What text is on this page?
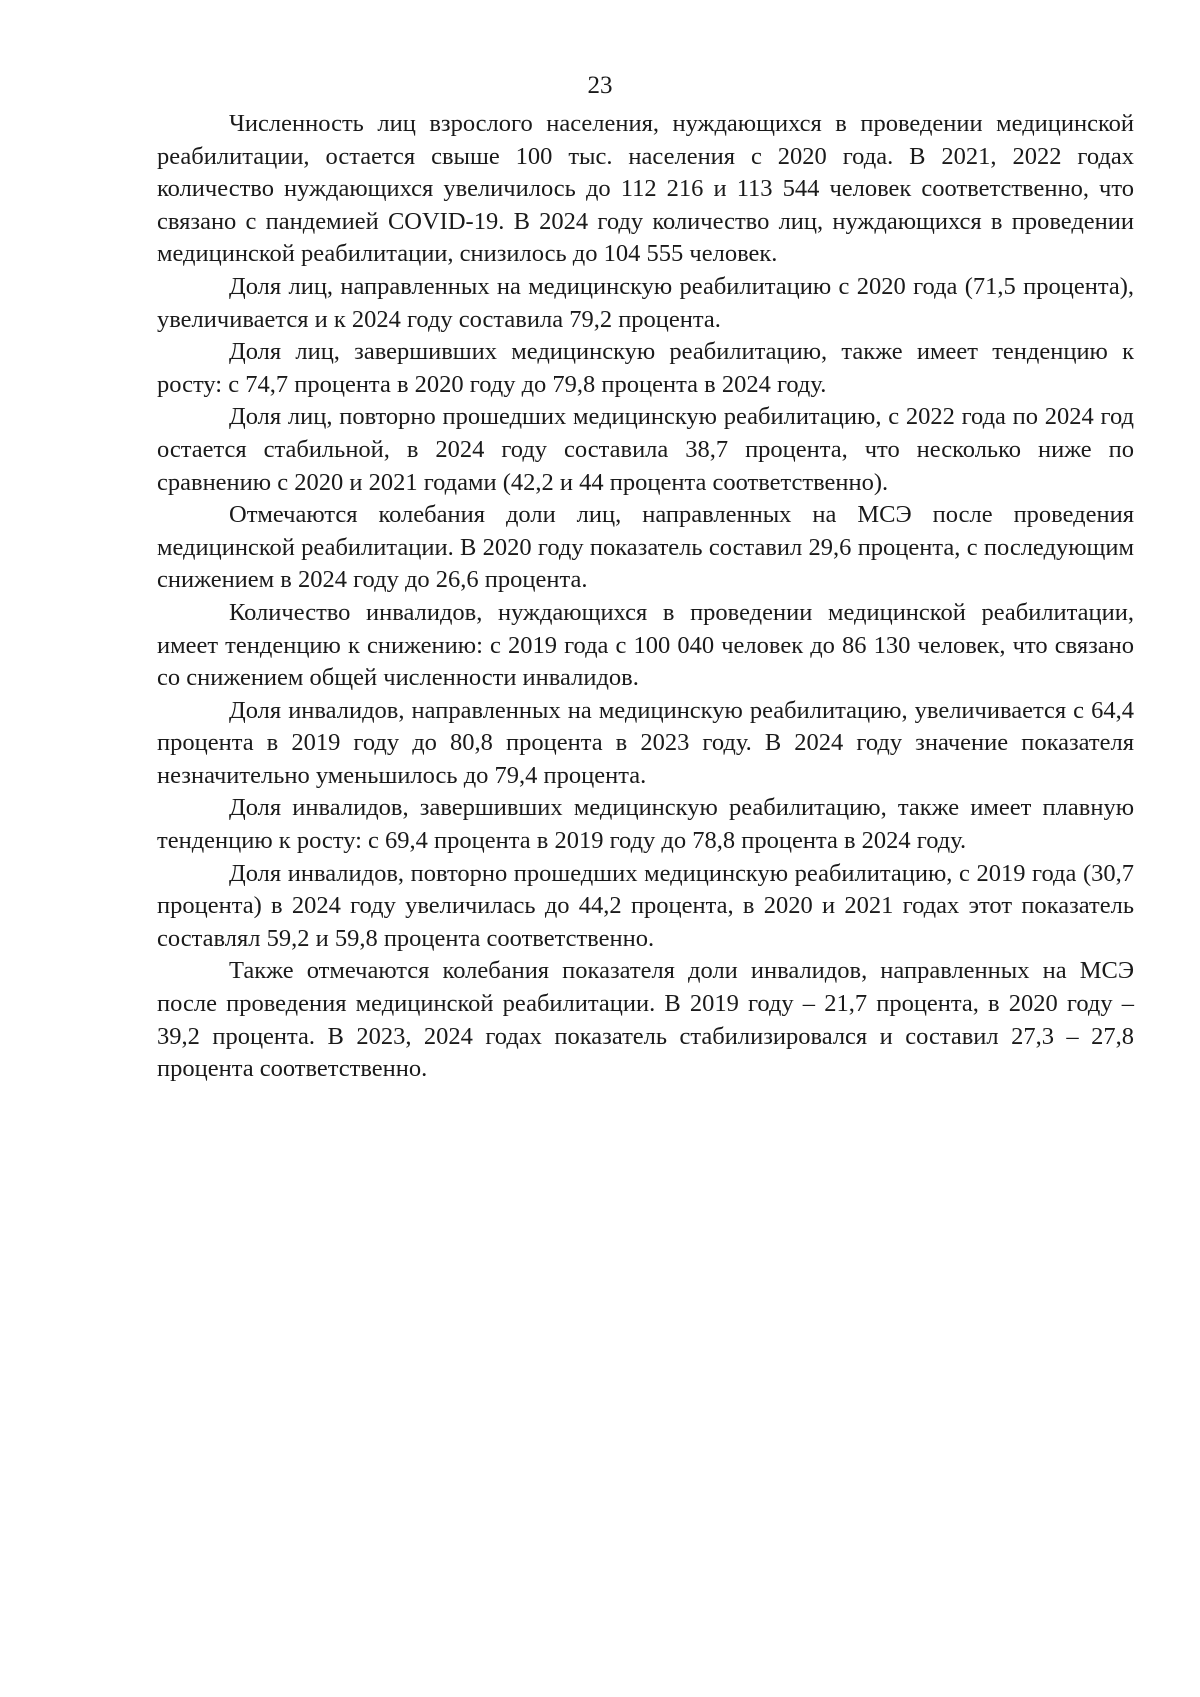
23

Численность лиц взрослого населения, нуждающихся в проведении медицинской реабилитации, остается свыше 100 тыс. населения с 2020 года. В 2021, 2022 годах количество нуждающихся увеличилось до 112 216 и 113 544 человек соответственно, что связано с пандемией COVID-19. В 2024 году количество лиц, нуждающихся в проведении медицинской реабилитации, снизилось до 104 555 человек.

Доля лиц, направленных на медицинскую реабилитацию с 2020 года (71,5 процента), увеличивается и к 2024 году составила 79,2 процента.

Доля лиц, завершивших медицинскую реабилитацию, также имеет тенденцию к росту: с 74,7 процента в 2020 году до 79,8 процента в 2024 году.

Доля лиц, повторно прошедших медицинскую реабилитацию, с 2022 года по 2024 год остается стабильной, в 2024 году составила 38,7 процента, что несколько ниже по сравнению с 2020 и 2021 годами (42,2 и 44 процента соответственно).

Отмечаются колебания доли лиц, направленных на МСЭ после проведения медицинской реабилитации. В 2020 году показатель составил 29,6 процента, с последующим снижением в 2024 году до 26,6 процента.

Количество инвалидов, нуждающихся в проведении медицинской реабилитации, имеет тенденцию к снижению: с 2019 года с 100 040 человек до 86 130 человек, что связано со снижением общей численности инвалидов.

Доля инвалидов, направленных на медицинскую реабилитацию, увеличивается с 64,4 процента в 2019 году до 80,8 процента в 2023 году. В 2024 году значение показателя незначительно уменьшилось до 79,4 процента.

Доля инвалидов, завершивших медицинскую реабилитацию, также имеет плавную тенденцию к росту: с 69,4 процента в 2019 году до 78,8 процента в 2024 году.

Доля инвалидов, повторно прошедших медицинскую реабилитацию, с 2019 года (30,7 процента) в 2024 году увеличилась до 44,2 процента, в 2020 и 2021 годах этот показатель составлял 59,2 и 59,8 процента соответственно.

Также отмечаются колебания показателя доли инвалидов, направленных на МСЭ после проведения медицинской реабилитации. В 2019 году – 21,7 процента, в 2020 году – 39,2 процента. В 2023, 2024 годах показатель стабилизировался и составил 27,3 – 27,8 процента соответственно.
